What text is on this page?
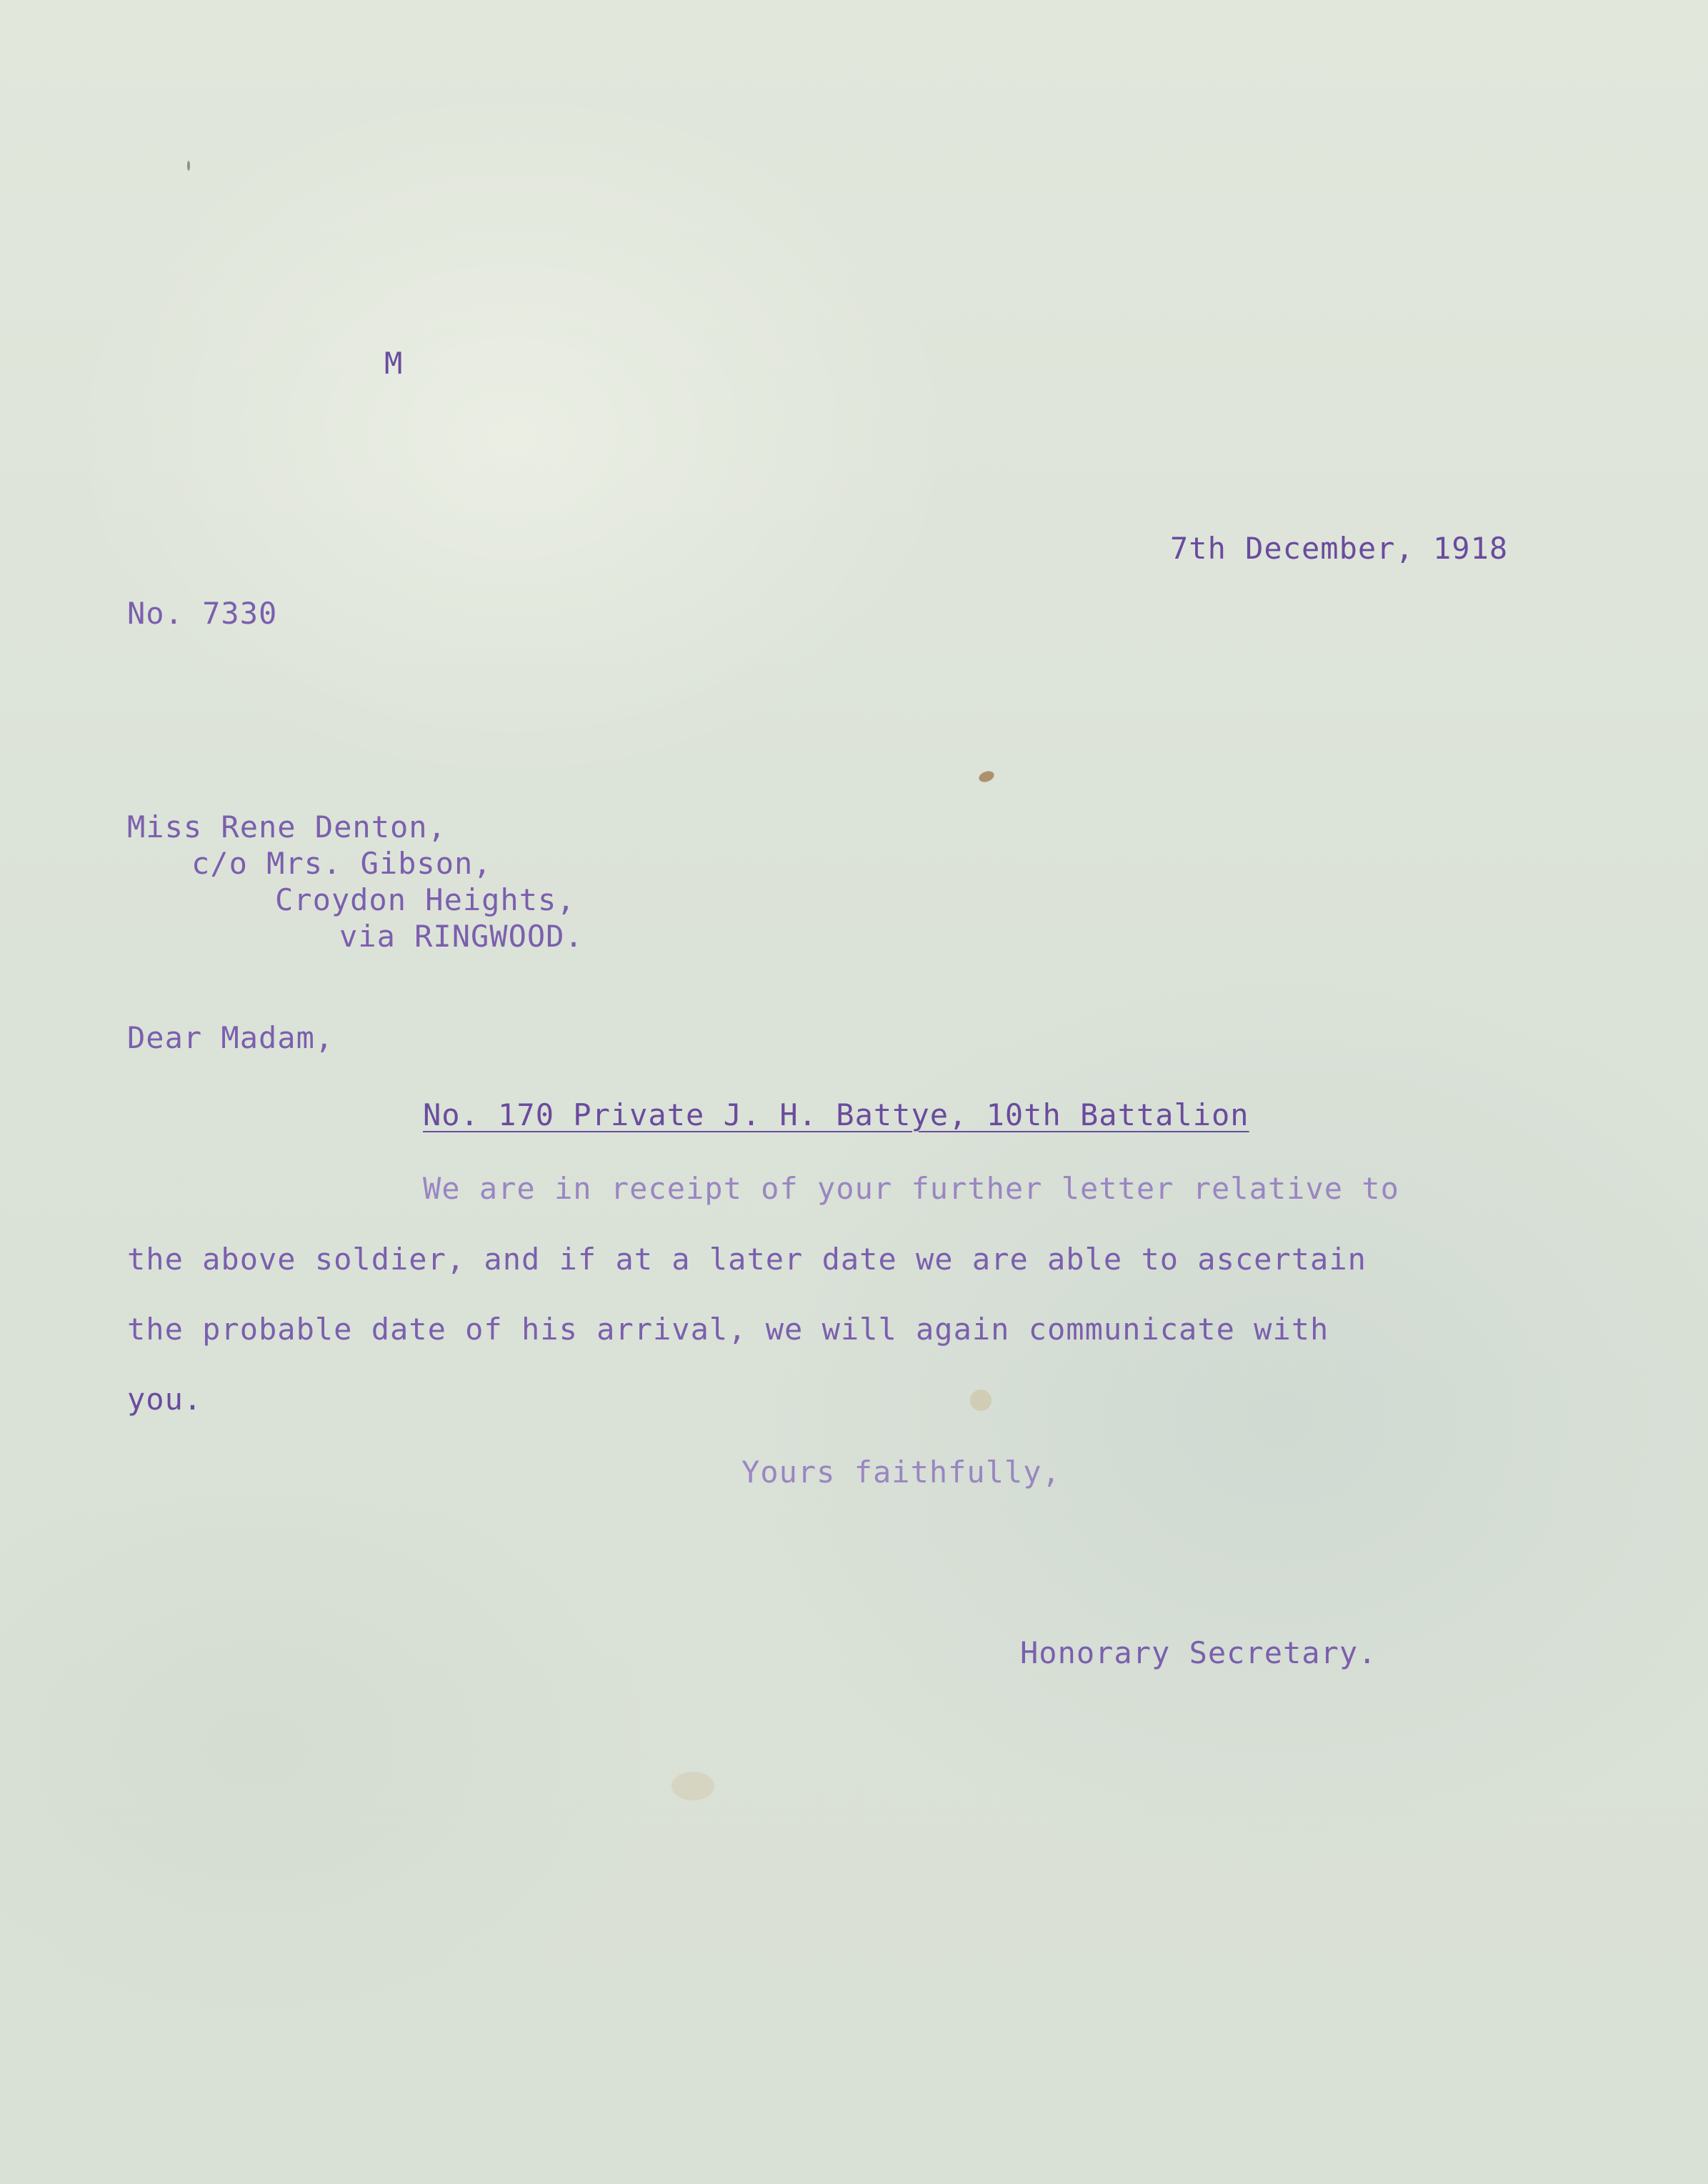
M

7th December, 1918

No. 7330

Miss Rene Denton,

c/o Mrs. Gibson,

Croydon Heights,

via RINGWOOD.

Dear Madam,

No. 170 Private J. H. Battye, 10th Battalion

We are in receipt of your further letter relative to

the above soldier, and if at a later date we are able to ascertain

the probable date of his arrival, we will again communicate with

you.

Yours faithfully,

Honorary Secretary.
